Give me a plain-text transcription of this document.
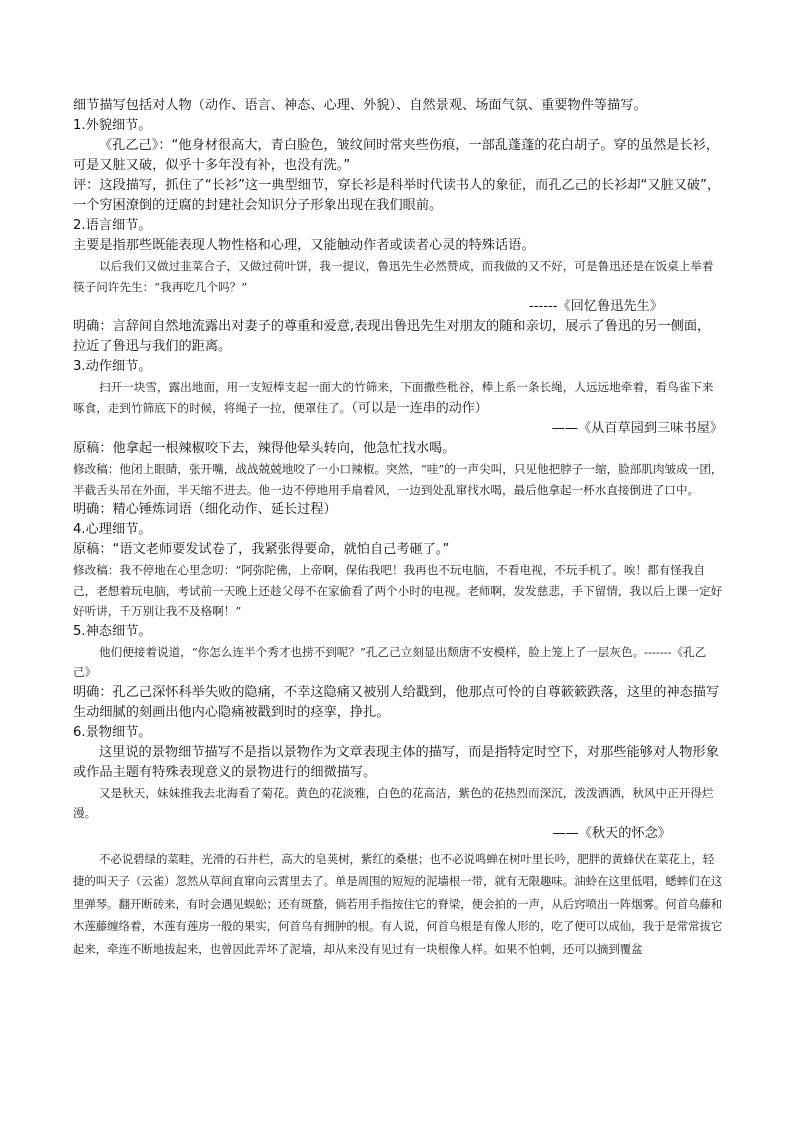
细节描写包括对人物（动作、语言、神态、心理、外貌）、自然景观、场面气氛、重要物件等描写。
1.外貌细节。
《孔乙己》：“他身材很高大，青白脸色，皱纹间时常夹些伤痕，一部乱蓬蓬的花白胡子。穿的虽然是长衫，可是又脏又破，似乎十多年没有补，也没有洗。”
评：这段描写，抓住了“长衫”这一典型细节，穿长衫是科举时代读书人的象征，而孔乙己的长衫却“又脏又破”，一个穷困潦倒的迂腐的封建社会知识分子形象出现在我们眼前。
2.语言细节。
主要是指那些既能表现人物性格和心理，又能触动作者或读者心灵的特殊话语。
以后我们又做过韭菜合子，又做过荷叶饼，我一提议，鲁迅先生必然赞成，而我做的又不好，可是鲁迅还是在饭桌上举着筷子问许先生：“我再吃几个吗？”
------《回忆鲁迅先生》
明确：言辞间自然地流露出对妻子的尊重和爱意,表现出鲁迅先生对朋友的随和亲切，展示了鲁迅的另一侧面，拉近了鲁迅与我们的距离。
3.动作细节。
扫开一块雪，露出地面，用一支短棒支起一面大的竹筛来，下面撒些秕谷，棒上系一条长绳，人远远地牵着，看鸟雀下来啄食，走到竹筛底下的时候，将绳子一拉，便罩住了。（可以是一连串的动作）
——《从百草园到三味书屋》
原稿：他拿起一根辣椒咬下去，辣得他晕头转向，他急忙找水喝。
修改稿：他闭上眼睛，张开嘴，战战兢兢地咬了一小口辣椒。突然，“哇”的一声尖叫，只见他把脖子一缩，脸部肌肉皱成一团，半截舌头吊在外面，半天缩不进去。他一边不停地用手扇着风，一边到处乱窜找水喝，最后他拿起一杯水直接倒进了口中。
明确：精心锤炼词语（细化动作、延长过程）
4.心理细节。
原稿：“语文老师要发试卷了，我紧张得要命，就怕自己考砸了。”
修改稿：我不停地在心里念叨：“阿弥陀佛，上帝啊，保佑我吧！我再也不玩电脑，不看电视，不玩手机了。唉！都有怪我自己，老想着玩电脑，考试前一天晚上还趁父母不在家偷看了两个小时的电视。老师啊，发发慈悲，手下留情，我以后上课一定好好听讲，千万别让我不及格啊！”
5.神态细节。
他们便接着说道，“你怎么连半个秀才也捞不到呢？”孔乙己立刻显出颓唐不安模样，脸上笼上了一层灰色。-------《孔乙己》
明确：孔乙己深怀科举失败的隐痛，不幸这隐痛又被别人给戳到，他那点可怜的自尊簌簌跌落，这里的神态描写生动细腻的刻画出他内心隐痛被戳到时的痉挛，挣扎。
6.景物细节。
这里说的景物细节描写不是指以景物作为文章表现主体的描写，而是指特定时空下，对那些能够对人物形象或作品主题有特殊表现意义的景物进行的细微描写。
又是秋天，妹妹推我去北海看了菊花。黄色的花淡雅，白色的花高洁，紫色的花热烈而深沉，泼泼洒洒，秋风中正开得烂漫。
——《秋天的怀念》
不必说碧绿的菜畦，光滑的石井栏，高大的皂荚树，紫红的桑椹；也不必说鸣蝉在树叶里长吟，肥胖的黄蜂伏在菜花上，轻捷的叫天子（云雀）忽然从草间直窜向云霄里去了。单是周围的短短的泥墙根一带，就有无限趣味。油蛉在这里低唱，蟋蟀们在这里弹琴。翻开断砖来，有时会遇见蜈蚣；还有斑蝥，倘若用手指按住它的脊梁，便会拍的一声，从后窍喷出一阵烟雾。何首乌藤和木莲藤缠络着，木莲有莲房一般的果实，何首乌有拥肿的根。有人说，何首乌根是有像人形的，吃了便可以成仙，我于是常常拔它起来，牵连不断地拔起来，也曾因此弄坏了泥墙，却从来没有见过有一块根像人样。如果不怕刺，还可以摘到覆盆
